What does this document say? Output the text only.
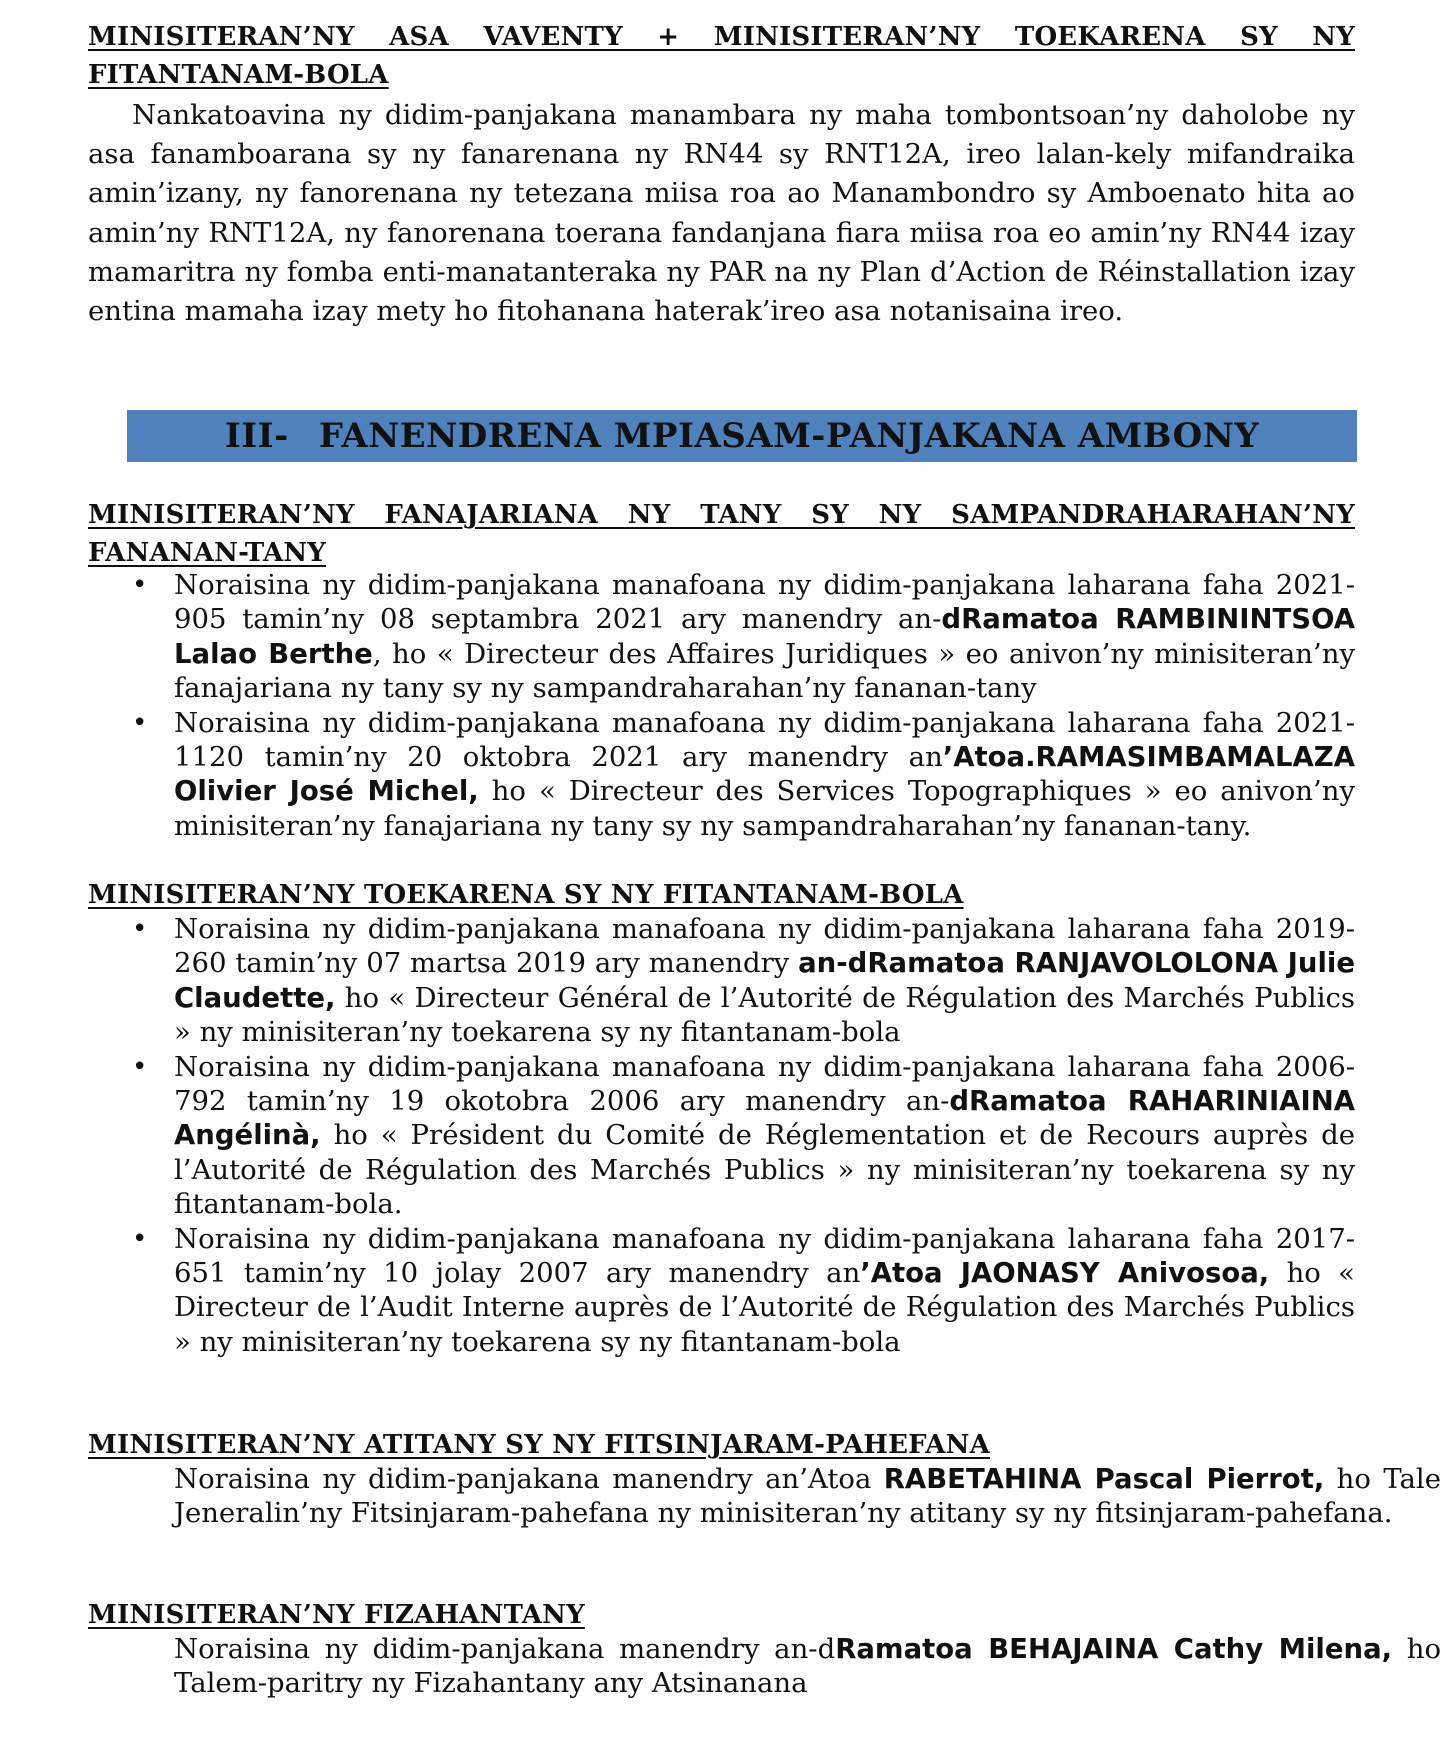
MINISITERAN’NY ASA VAVENTY + MINISITERAN’NY TOEKARENA SY NY FITANTANAM-BOLA
Nankatoavina ny didim-panjakana manambara ny maha tombontsoan’ny daholobe ny asa fanamboarana sy ny fanarenana ny RN44 sy RNT12A, ireo lalan-kely mifandraika amin’izany, ny fanorenana ny tetezana miisa roa ao Manambondro sy Amboenato hita ao amin’ny RNT12A, ny fanorenana toerana fandanjana fiara miisa roa eo amin’ny RN44 izay mamaritra ny fomba enti-manatanteraka ny PAR na ny Plan d’Action de Réinstallation izay entina mamaha izay mety ho fitohanana haterak’ireo asa notanisaina ireo.
III- FANENDRENA MPIASAM-PANJAKANA AMBONY
MINISITERAN’NY FANAJARIANA NY TANY SY NY SAMPANDRAHARAHAN’NY FANANAN-TANY
• Noraisina ny didim-panjakana manafoana ny didim-panjakana laharana faha 2021-905 tamin’ny 08 septambra 2021 ary manendry an-dRamatoa RAMBININTSOA Lalao Berthe, ho « Directeur des Affaires Juridiques » eo anivon’ny minisiteran’ny fanajariana ny tany sy ny sampandraharahan’ny fananan-tany
• Noraisina ny didim-panjakana manafoana ny didim-panjakana laharana faha 2021-1120 tamin’ny 20 oktobra 2021 ary manendry an’Atoa.RAMASIMBAMALAZA Olivier José Michel, ho « Directeur des Services Topographiques » eo anivon’ny minisiteran’ny fanajariana ny tany sy ny sampandraharahan’ny fananan-tany.
MINISITERAN’NY TOEKARENA SY NY FITANTANAM-BOLA
• Noraisina ny didim-panjakana manafoana ny didim-panjakana laharana faha 2019-260 tamin’ny 07 martsa 2019 ary manendry an-dRamatoa RANJAVOLOLONA Julie Claudette, ho « Directeur Général de l’Autorité de Régulation des Marchés Publics » ny minisiteran’ny toekarena sy ny fitantanam-bola
• Noraisina ny didim-panjakana manafoana ny didim-panjakana laharana faha 2006-792 tamin’ny 19 okotobra 2006 ary manendry an-dRamatoa RAHARINIAINA Angélinà, ho « Président du Comité de Réglementation et de Recours auprès de l’Autorité de Régulation des Marchés Publics » ny minisiteran’ny toekarena sy ny fitantanam-bola.
• Noraisina ny didim-panjakana manafoana ny didim-panjakana laharana faha 2017-651 tamin’ny 10 jolay 2007 ary manendry an’Atoa JAONASY Anivosoa, ho « Directeur de l’Audit Interne auprès de l’Autorité de Régulation des Marchés Publics » ny minisiteran’ny toekarena sy ny fitantanam-bola
MINISITERAN’NY ATITANY SY NY FITSINJARAM-PAHEFANA
Noraisina ny didim-panjakana manendry an’Atoa RABETAHINA Pascal Pierrot, ho Tale Jeneralin’ny Fitsinjaram-pahefana ny minisiteran’ny atitany sy ny fitsinjaram-pahefana.
MINISITERAN’NY FIZAHANTANY
Noraisina ny didim-panjakana manendry an-dRamatoa BEHAJAINA Cathy Milena, ho Talem-paritry ny Fizahantany any Atsinanana
